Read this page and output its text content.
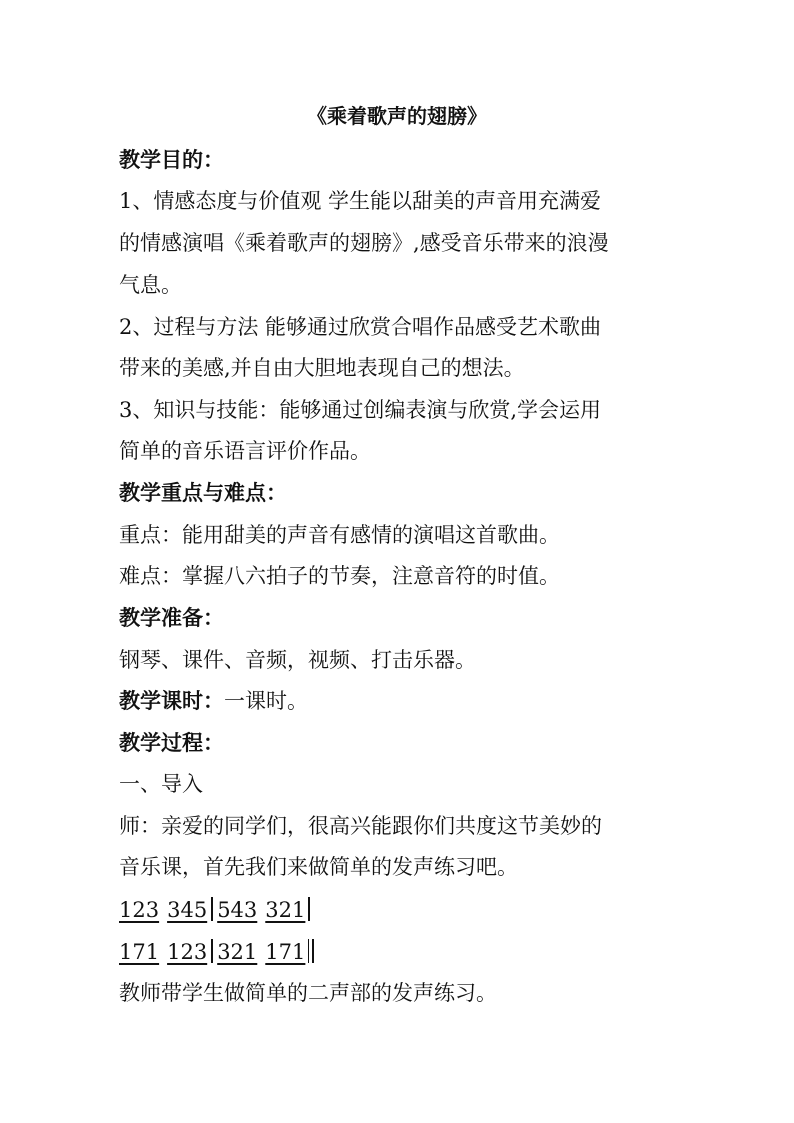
《乘着歌声的翅膀》
教学目的：
1、情感态度与价值观 学生能以甜美的声音用充满爱
的情感演唱《乘着歌声的翅膀》,感受音乐带来的浪漫
气息。
2、过程与方法 能够通过欣赏合唱作品感受艺术歌曲
带来的美感,并自由大胆地表现自己的想法。
3、知识与技能：能够通过创编表演与欣赏,学会运用
简单的音乐语言评价作品。
教学重点与难点：
重点：能用甜美的声音有感情的演唱这首歌曲。
难点：掌握八六拍子的节奏，注意音符的时值。
教学准备：
钢琴、课件、音频，视频、打击乐器。
教学课时：一课时。
教学过程：
一、导入
师：亲爱的同学们，很高兴能跟你们共度这节美妙的
音乐课，首先我们来做简单的发声练习吧。
123 345 543 321
171 123 321 171
教师带学生做简单的二声部的发声练习。
